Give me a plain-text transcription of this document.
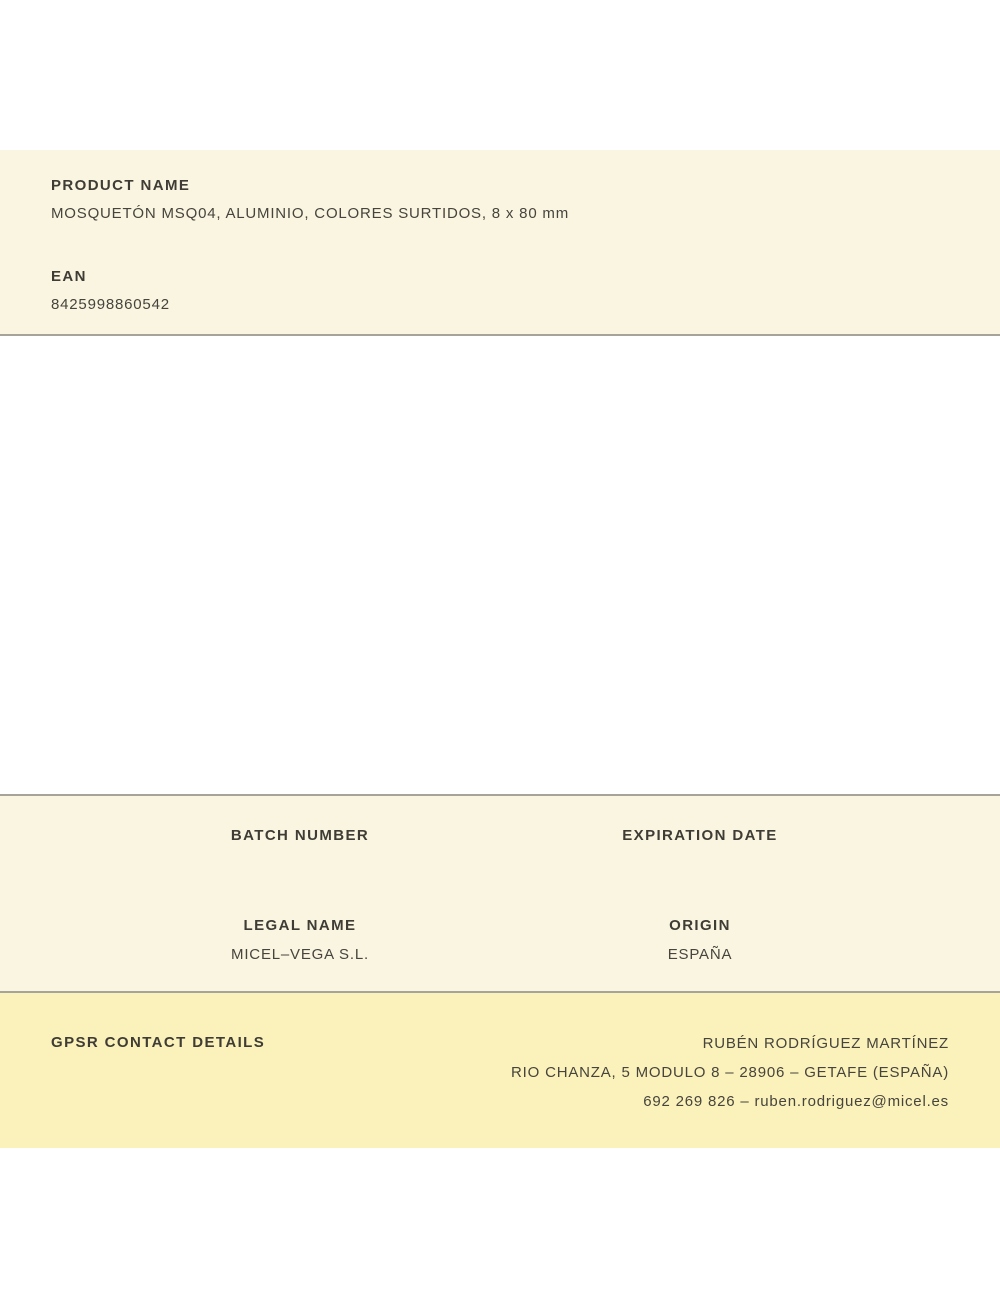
PRODUCT NAME
MOSQUETÓN MSQ04, ALUMINIO, COLORES SURTIDOS, 8 x 80 mm
EAN
8425998860542
BATCH NUMBER	EXPIRATION DATE
LEGAL NAME
MICEL–VEGA S.L.
ORIGIN
ESPAÑA
GPSR CONTACT DETAILS	RUBÉN RODRÍGUEZ MARTÍNEZ
RIO CHANZA, 5 MODULO 8 – 28906 – GETAFE (ESPAÑA)
692 269 826 – ruben.rodriguez@micel.es
